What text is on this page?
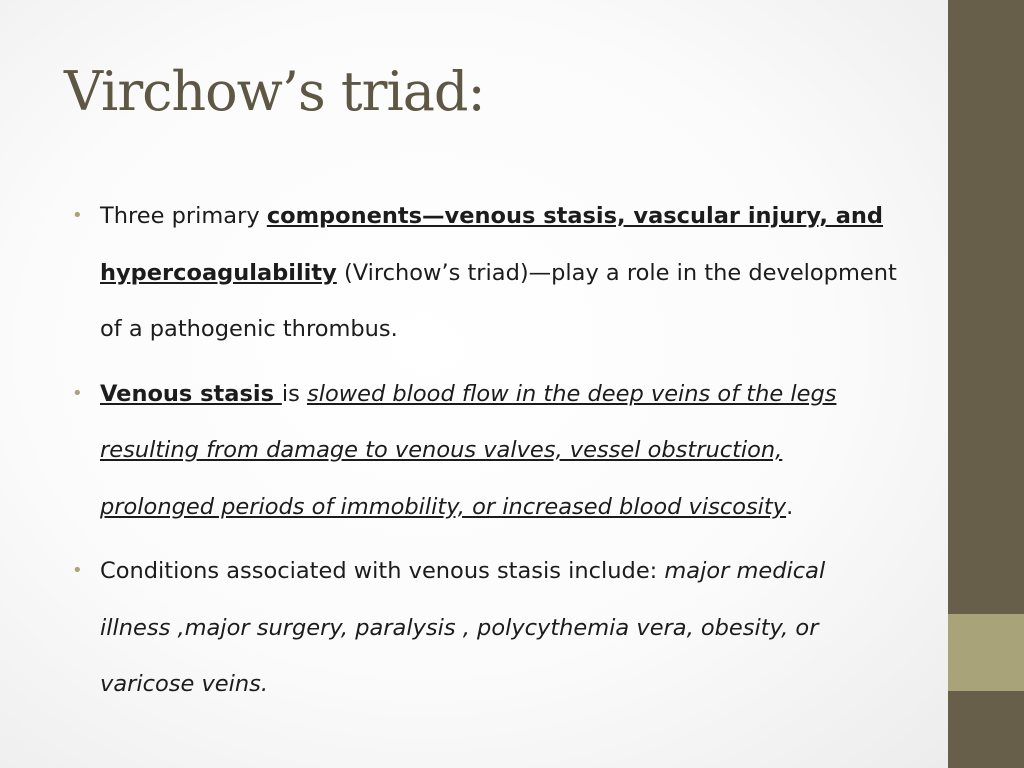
Virchow’s triad:
• Three primary components—venous stasis, vascular injury, and hypercoagulability (Virchow’s triad)—play a role in the development of a pathogenic thrombus.
• Venous stasis is slowed blood flow in the deep veins of the legs resulting from damage to venous valves, vessel obstruction, prolonged periods of immobility, or increased blood viscosity.
• Conditions associated with venous stasis include: major medical illness ,major surgery, paralysis , polycythemia vera, obesity, or varicose veins.
